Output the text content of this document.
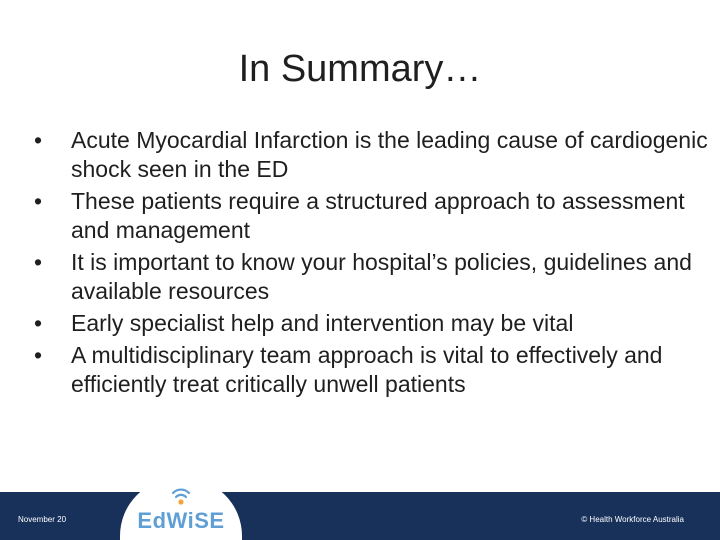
In Summary…
• Acute Myocardial Infarction is the leading cause of cardiogenic shock seen in the ED
• These patients require a structured approach to assessment and management
• It is important to know your hospital’s policies, guidelines and available resources
• Early specialist help and intervention may be vital
• A multidisciplinary team approach is vital to effectively and efficiently treat critically unwell patients
November 20	© Health Workforce Australia
EdWiSE
